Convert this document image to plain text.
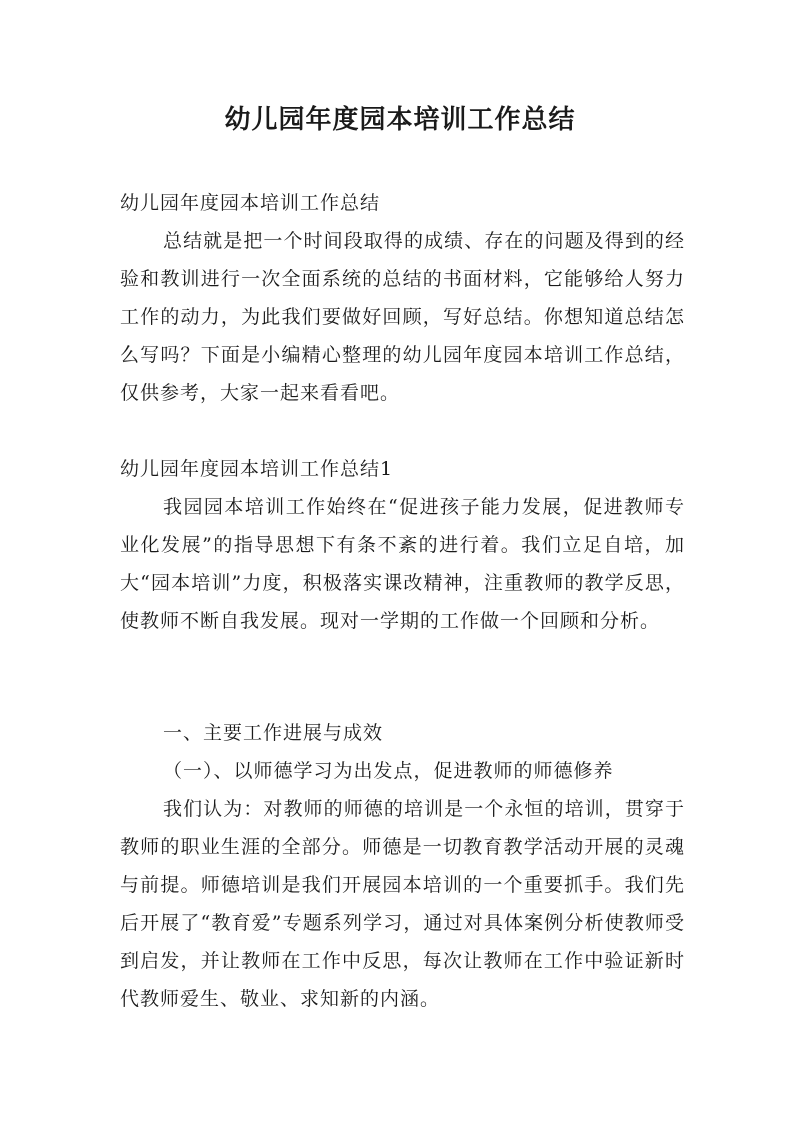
幼儿园年度园本培训工作总结
幼儿园年度园本培训工作总结
总结就是把一个时间段取得的成绩、存在的问题及得到的经验和教训进行一次全面系统的总结的书面材料，它能够给人努力工作的动力，为此我们要做好回顾，写好总结。你想知道总结怎么写吗？下面是小编精心整理的幼儿园年度园本培训工作总结，仅供参考，大家一起来看看吧。
幼儿园年度园本培训工作总结1
我园园本培训工作始终在“促进孩子能力发展，促进教师专业化发展”的指导思想下有条不紊的进行着。我们立足自培，加大“园本培训”力度，积极落实课改精神，注重教师的教学反思，使教师不断自我发展。现对一学期的工作做一个回顾和分析。
一、主要工作进展与成效
（一）、以师德学习为出发点，促进教师的师德修养
我们认为：对教师的师德的培训是一个永恒的培训，贯穿于教师的职业生涯的全部分。师德是一切教育教学活动开展的灵魂与前提。师德培训是我们开展园本培训的一个重要抓手。我们先后开展了“教育爱”专题系列学习，通过对具体案例分析使教师受到启发，并让教师在工作中反思，每次让教师在工作中验证新时代教师爱生、敬业、求知新的内涵。
